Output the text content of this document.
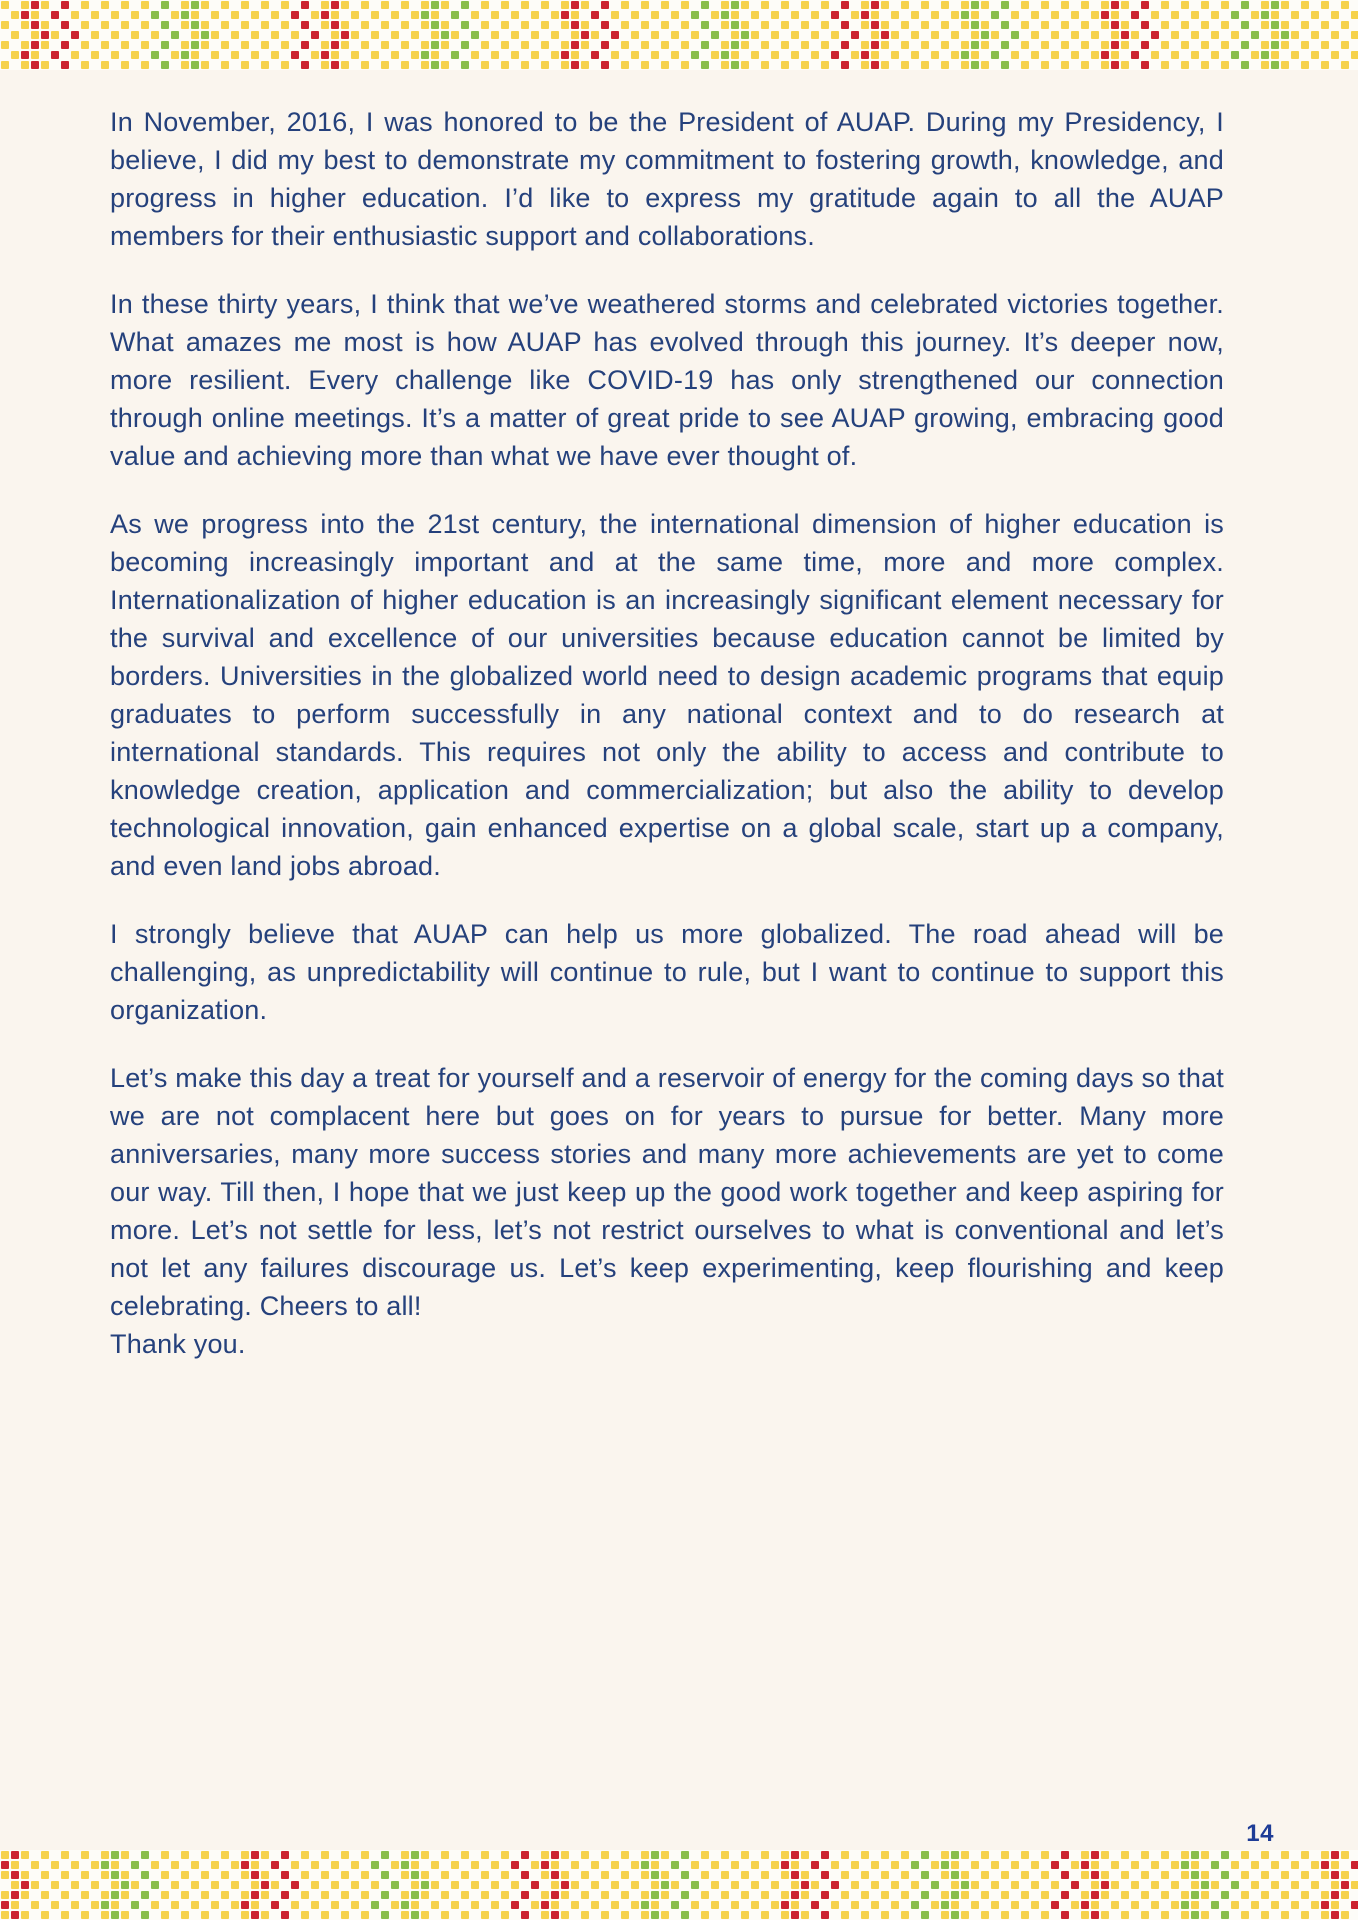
In November, 2016, I was honored to be the President of AUAP. During my Presidency, I believe, I did my best to demonstrate my commitment to fostering growth, knowledge, and progress in higher education. I’d like to express my gratitude again to all the AUAP members for their enthusiastic support and collaborations.

In these thirty years, I think that we’ve weathered storms and celebrated victories together. What amazes me most is how AUAP has evolved through this journey. It’s deeper now, more resilient. Every challenge like COVID-19 has only strengthened our connection through online meetings. It’s a matter of great pride to see AUAP growing, embracing good value and achieving more than what we have ever thought of.

As we progress into the 21st century, the international dimension of higher education is becoming increasingly important and at the same time, more and more complex. Internationalization of higher education is an increasingly significant element necessary for the survival and excellence of our universities because education cannot be limited by borders. Universities in the globalized world need to design academic programs that equip graduates to perform successfully in any national context and to do research at international standards. This requires not only the ability to access and contribute to knowledge creation, application and commercialization; but also the ability to develop technological innovation, gain enhanced expertise on a global scale, start up a company, and even land jobs abroad.

I strongly believe that AUAP can help us more globalized. The road ahead will be challenging, as unpredictability will continue to rule, but I want to continue to support this organization.

Let’s make this day a treat for yourself and a reservoir of energy for the coming days so that we are not complacent here but goes on for years to pursue for better. Many more anniversaries, many more success stories and many more achievements are yet to come our way. Till then, I hope that we just keep up the good work together and keep aspiring for more. Let’s not settle for less, let’s not restrict ourselves to what is conventional and let’s not let any failures discourage us. Let’s keep experimenting, keep flourishing and keep celebrating. Cheers to all!

Thank you.

14
